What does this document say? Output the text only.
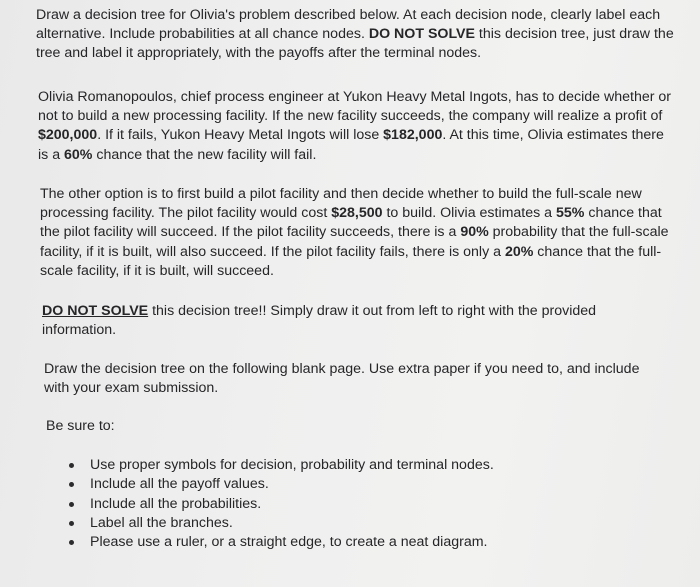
Draw a decision tree for Olivia's problem described below. At each decision node, clearly label each alternative. Include probabilities at all chance nodes. DO NOT SOLVE this decision tree, just draw the tree and label it appropriately, with the payoffs after the terminal nodes.

Olivia Romanopoulos, chief process engineer at Yukon Heavy Metal Ingots, has to decide whether or not to build a new processing facility. If the new facility succeeds, the company will realize a profit of $200,000. If it fails, Yukon Heavy Metal Ingots will lose $182,000. At this time, Olivia estimates there is a 60% chance that the new facility will fail.

The other option is to first build a pilot facility and then decide whether to build the full-scale new processing facility. The pilot facility would cost $28,500 to build. Olivia estimates a 55% chance that the pilot facility will succeed. If the pilot facility succeeds, there is a 90% probability that the full-scale facility, if it is built, will also succeed. If the pilot facility fails, there is only a 20% chance that the full-scale facility, if it is built, will succeed.

DO NOT SOLVE this decision tree!! Simply draw it out from left to right with the provided information.

Draw the decision tree on the following blank page. Use extra paper if you need to, and include with your exam submission.

Be sure to:

Use proper symbols for decision, probability and terminal nodes.
Include all the payoff values.
Include all the probabilities.
Label all the branches.
Please use a ruler, or a straight edge, to create a neat diagram.
